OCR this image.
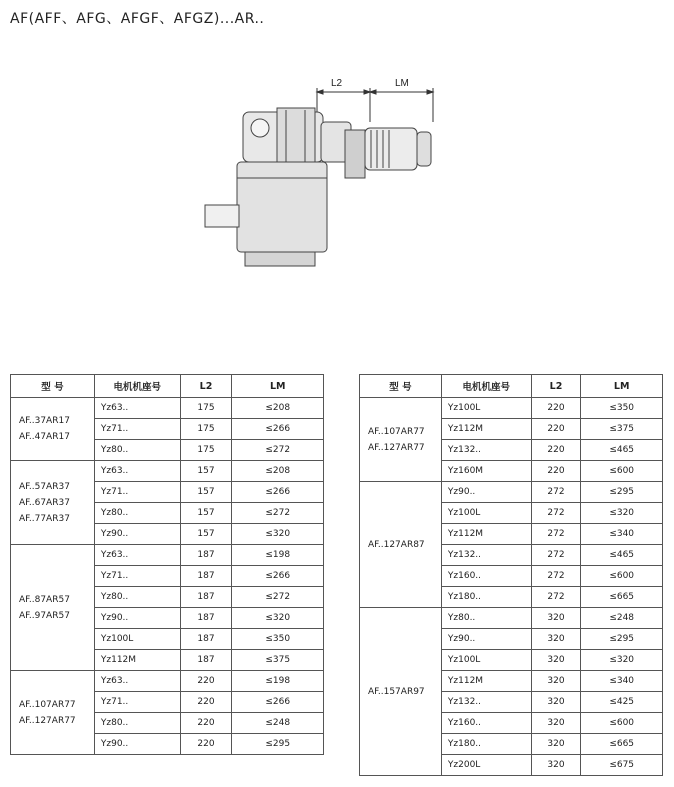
AF(AFF、AFG、AFGF、AFGZ)...AR..
L2	LM
型 号	电机机座号	L2	LM

AF..37AR17
AF..47AR17	Yz63..	175	≤208
	Yz71..	175	≤266
	Yz80..	175	≤272

AF..57AR37
AF..67AR37
AF..77AR37	Yz63..	157	≤208
	Yz71..	157	≤266
	Yz80..	157	≤272
	Yz90..	157	≤320

AF..87AR57
AF..97AR57	Yz63..	187	≤198
	Yz71..	187	≤266
	Yz80..	187	≤272
	Yz90..	187	≤320
	Yz100L	187	≤350
	Yz112M	187	≤375

AF..107AR77
AF..127AR77	Yz63..	220	≤198
	Yz71..	220	≤266
	Yz80..	220	≤248
	Yz90..	220	≤295
型 号	电机机座号	L2	LM

AF..107AR77
AF..127AR77	Yz100L	220	≤350
	Yz112M	220	≤375
	Yz132..	220	≤465
	Yz160M	220	≤600

AF..127AR87	Yz90..	272	≤295
	Yz100L	272	≤320
	Yz112M	272	≤340
	Yz132..	272	≤465
	Yz160..	272	≤600
	Yz180..	272	≤665

AF..157AR97	Yz80..	320	≤248
	Yz90..	320	≤295
	Yz100L	320	≤320
	Yz112M	320	≤340
	Yz132..	320	≤425
	Yz160..	320	≤600
	Yz180..	320	≤665
	Yz200L	320	≤675
